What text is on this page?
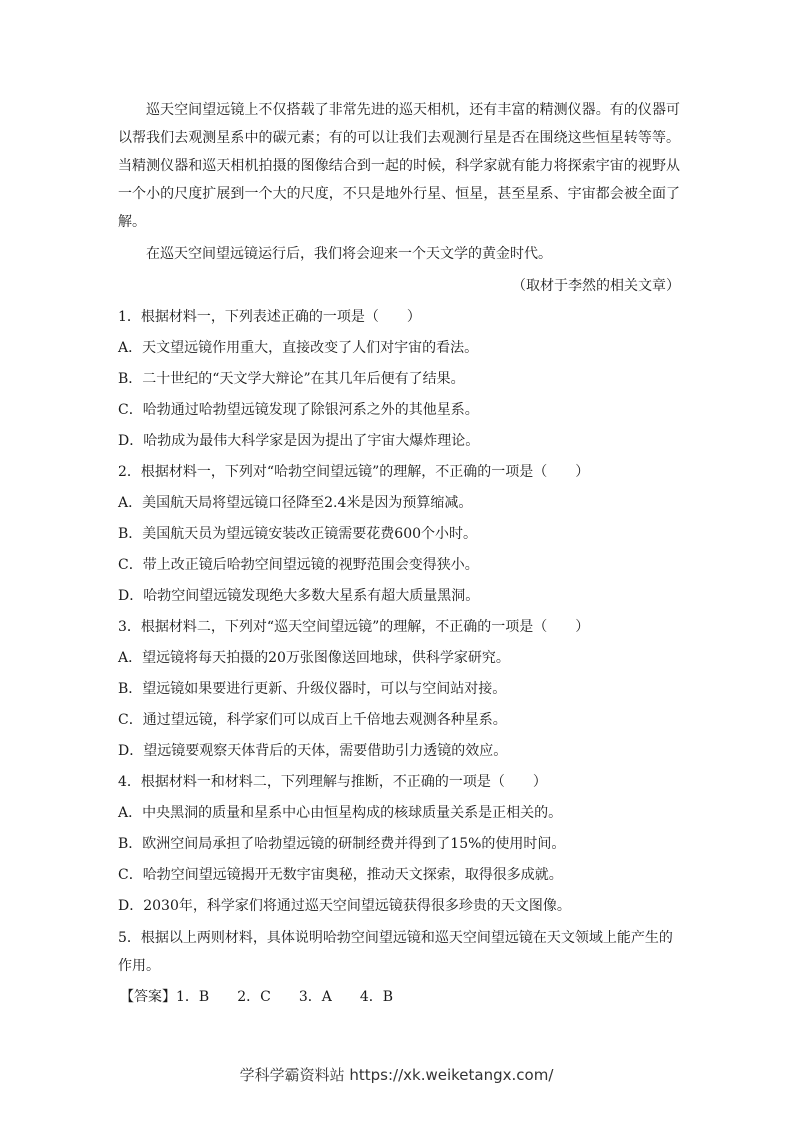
巡天空间望远镜上不仅搭载了非常先进的巡天相机，还有丰富的精测仪器。有的仪器可以帮我们去观测星系中的碳元素；有的可以让我们去观测行星是否在围绕这些恒星转等等。当精测仪器和巡天相机拍摄的图像结合到一起的时候，科学家就有能力将探索宇宙的视野从一个小的尺度扩展到一个大的尺度，不只是地外行星、恒星，甚至星系、宇宙都会被全面了解。

在巡天空间望远镜运行后，我们将会迎来一个天文学的黄金时代。

（取材于李然的相关文章）

1．根据材料一，下列表述正确的一项是（　　）

A．天文望远镜作用重大，直接改变了人们对宇宙的看法。

B．二十世纪的“天文学大辩论”在其几年后便有了结果。

C．哈勃通过哈勃望远镜发现了除银河系之外的其他星系。

D．哈勃成为最伟大科学家是因为提出了宇宙大爆炸理论。

2．根据材料一，下列对“哈勃空间望远镜”的理解，不正确的一项是（　　）

A．美国航天局将望远镜口径降至2.4米是因为预算缩减。

B．美国航天员为望远镜安装改正镜需要花费600个小时。

C．带上改正镜后哈勃空间望远镜的视野范围会变得狭小。

D．哈勃空间望远镜发现绝大多数大星系有超大质量黑洞。

3．根据材料二，下列对“巡天空间望远镜”的理解，不正确的一项是（　　）

A．望远镜将每天拍摄的20万张图像送回地球，供科学家研究。

B．望远镜如果要进行更新、升级仪器时，可以与空间站对接。

C．通过望远镜，科学家们可以成百上千倍地去观测各种星系。

D．望远镜要观察天体背后的天体，需要借助引力透镜的效应。

4．根据材料一和材料二，下列理解与推断，不正确的一项是（　　）

A．中央黑洞的质量和星系中心由恒星构成的核球质量关系是正相关的。

B．欧洲空间局承担了哈勃望远镜的研制经费并得到了15%的使用时间。

C．哈勃空间望远镜揭开无数宇宙奥秘，推动天文探索，取得很多成就。

D．2030年，科学家们将通过巡天空间望远镜获得很多珍贵的天文图像。

5．根据以上两则材料，具体说明哈勃空间望远镜和巡天空间望远镜在天文领域上能产生的作用。

【答案】1．B　　2．C　　3．A　　4．B

学科学霸资料站 https://xk.weiketangx.com/
